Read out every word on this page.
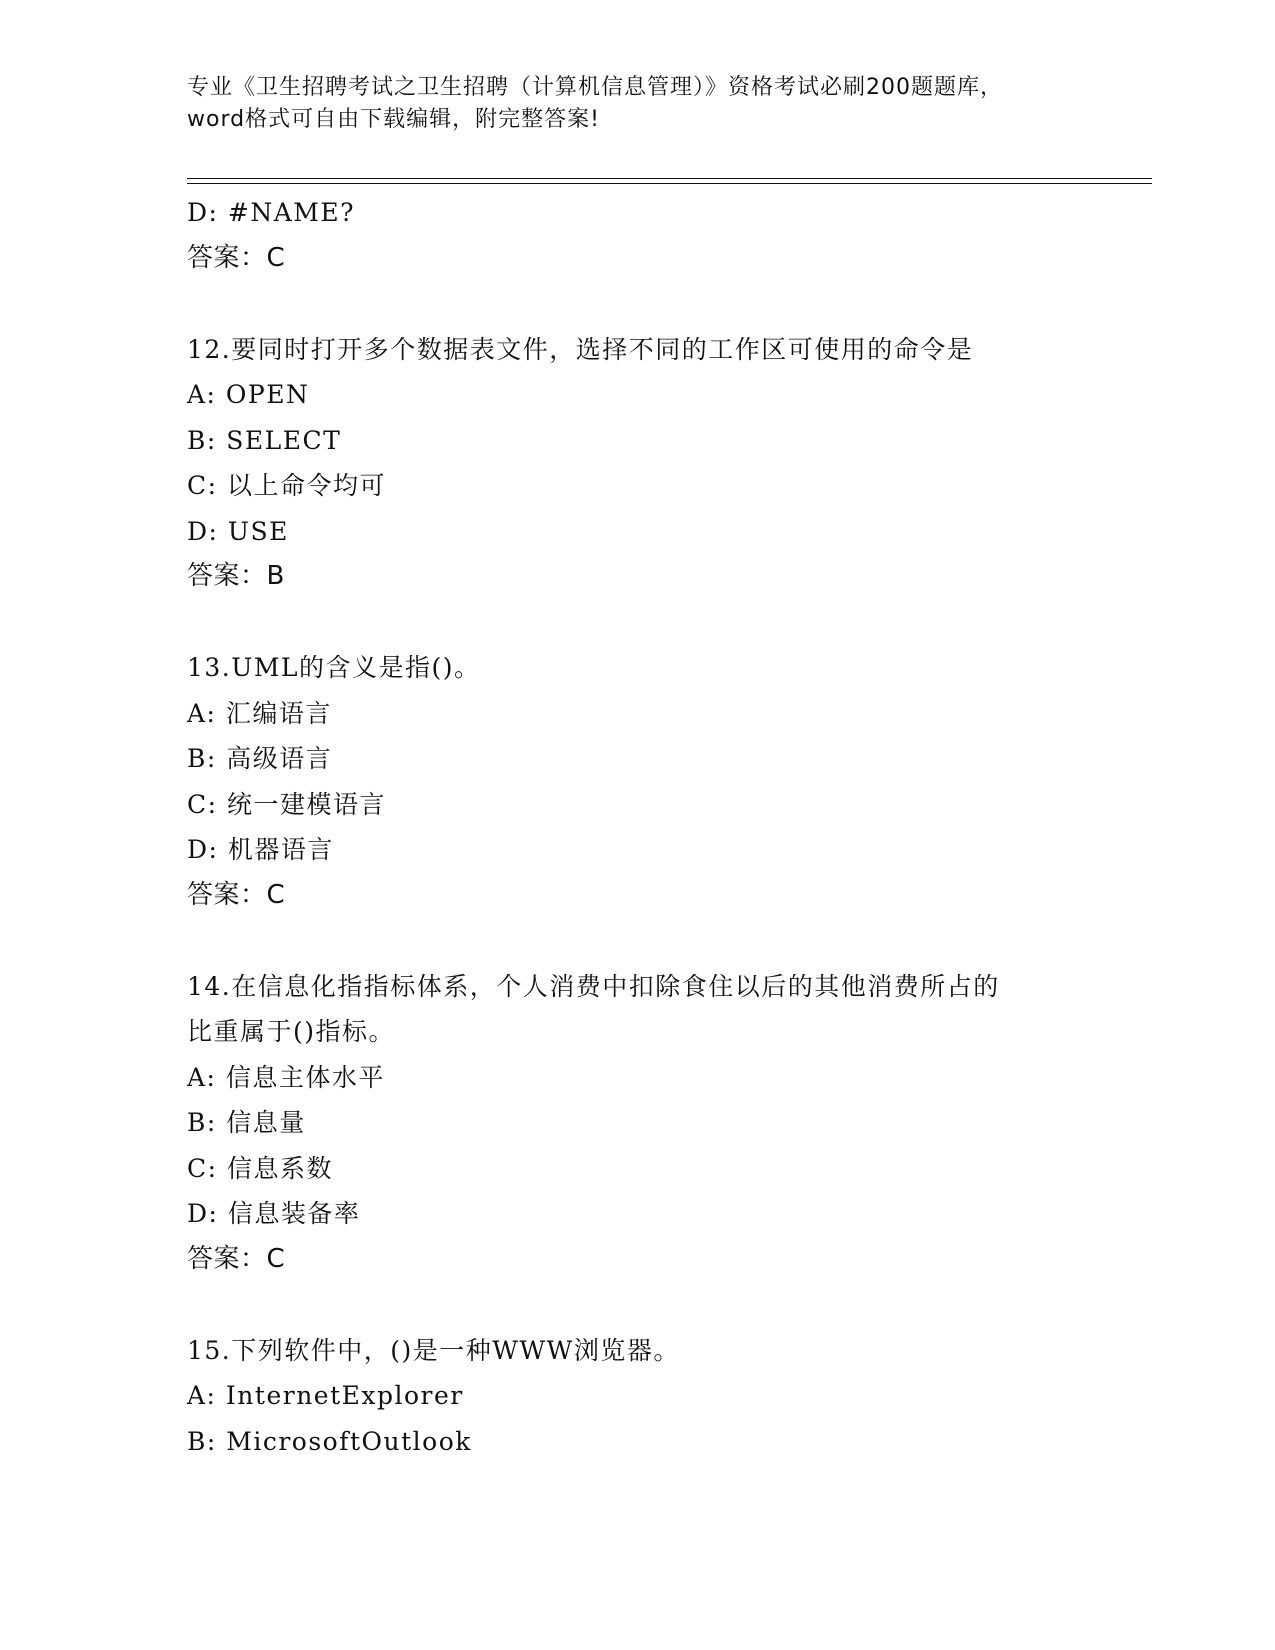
专业《卫生招聘考试之卫生招聘（计算机信息管理）》资格考试必刷200题题库，
word格式可自由下载编辑，附完整答案!
D: #NAME?
答案：C
12.要同时打开多个数据表文件，选择不同的工作区可使用的命令是
A: OPEN
B: SELECT
C: 以上命令均可
D: USE
答案：B
13.UML的含义是指()。
A: 汇编语言
B: 高级语言
C: 统一建模语言
D: 机器语言
答案：C
14.在信息化指指标体系，个人消费中扣除食住以后的其他消费所占的
比重属于()指标。
A: 信息主体水平
B: 信息量
C: 信息系数
D: 信息装备率
答案：C
15.下列软件中，()是一种WWW浏览器。
A: InternetExplorer
B: MicrosoftOutlook
